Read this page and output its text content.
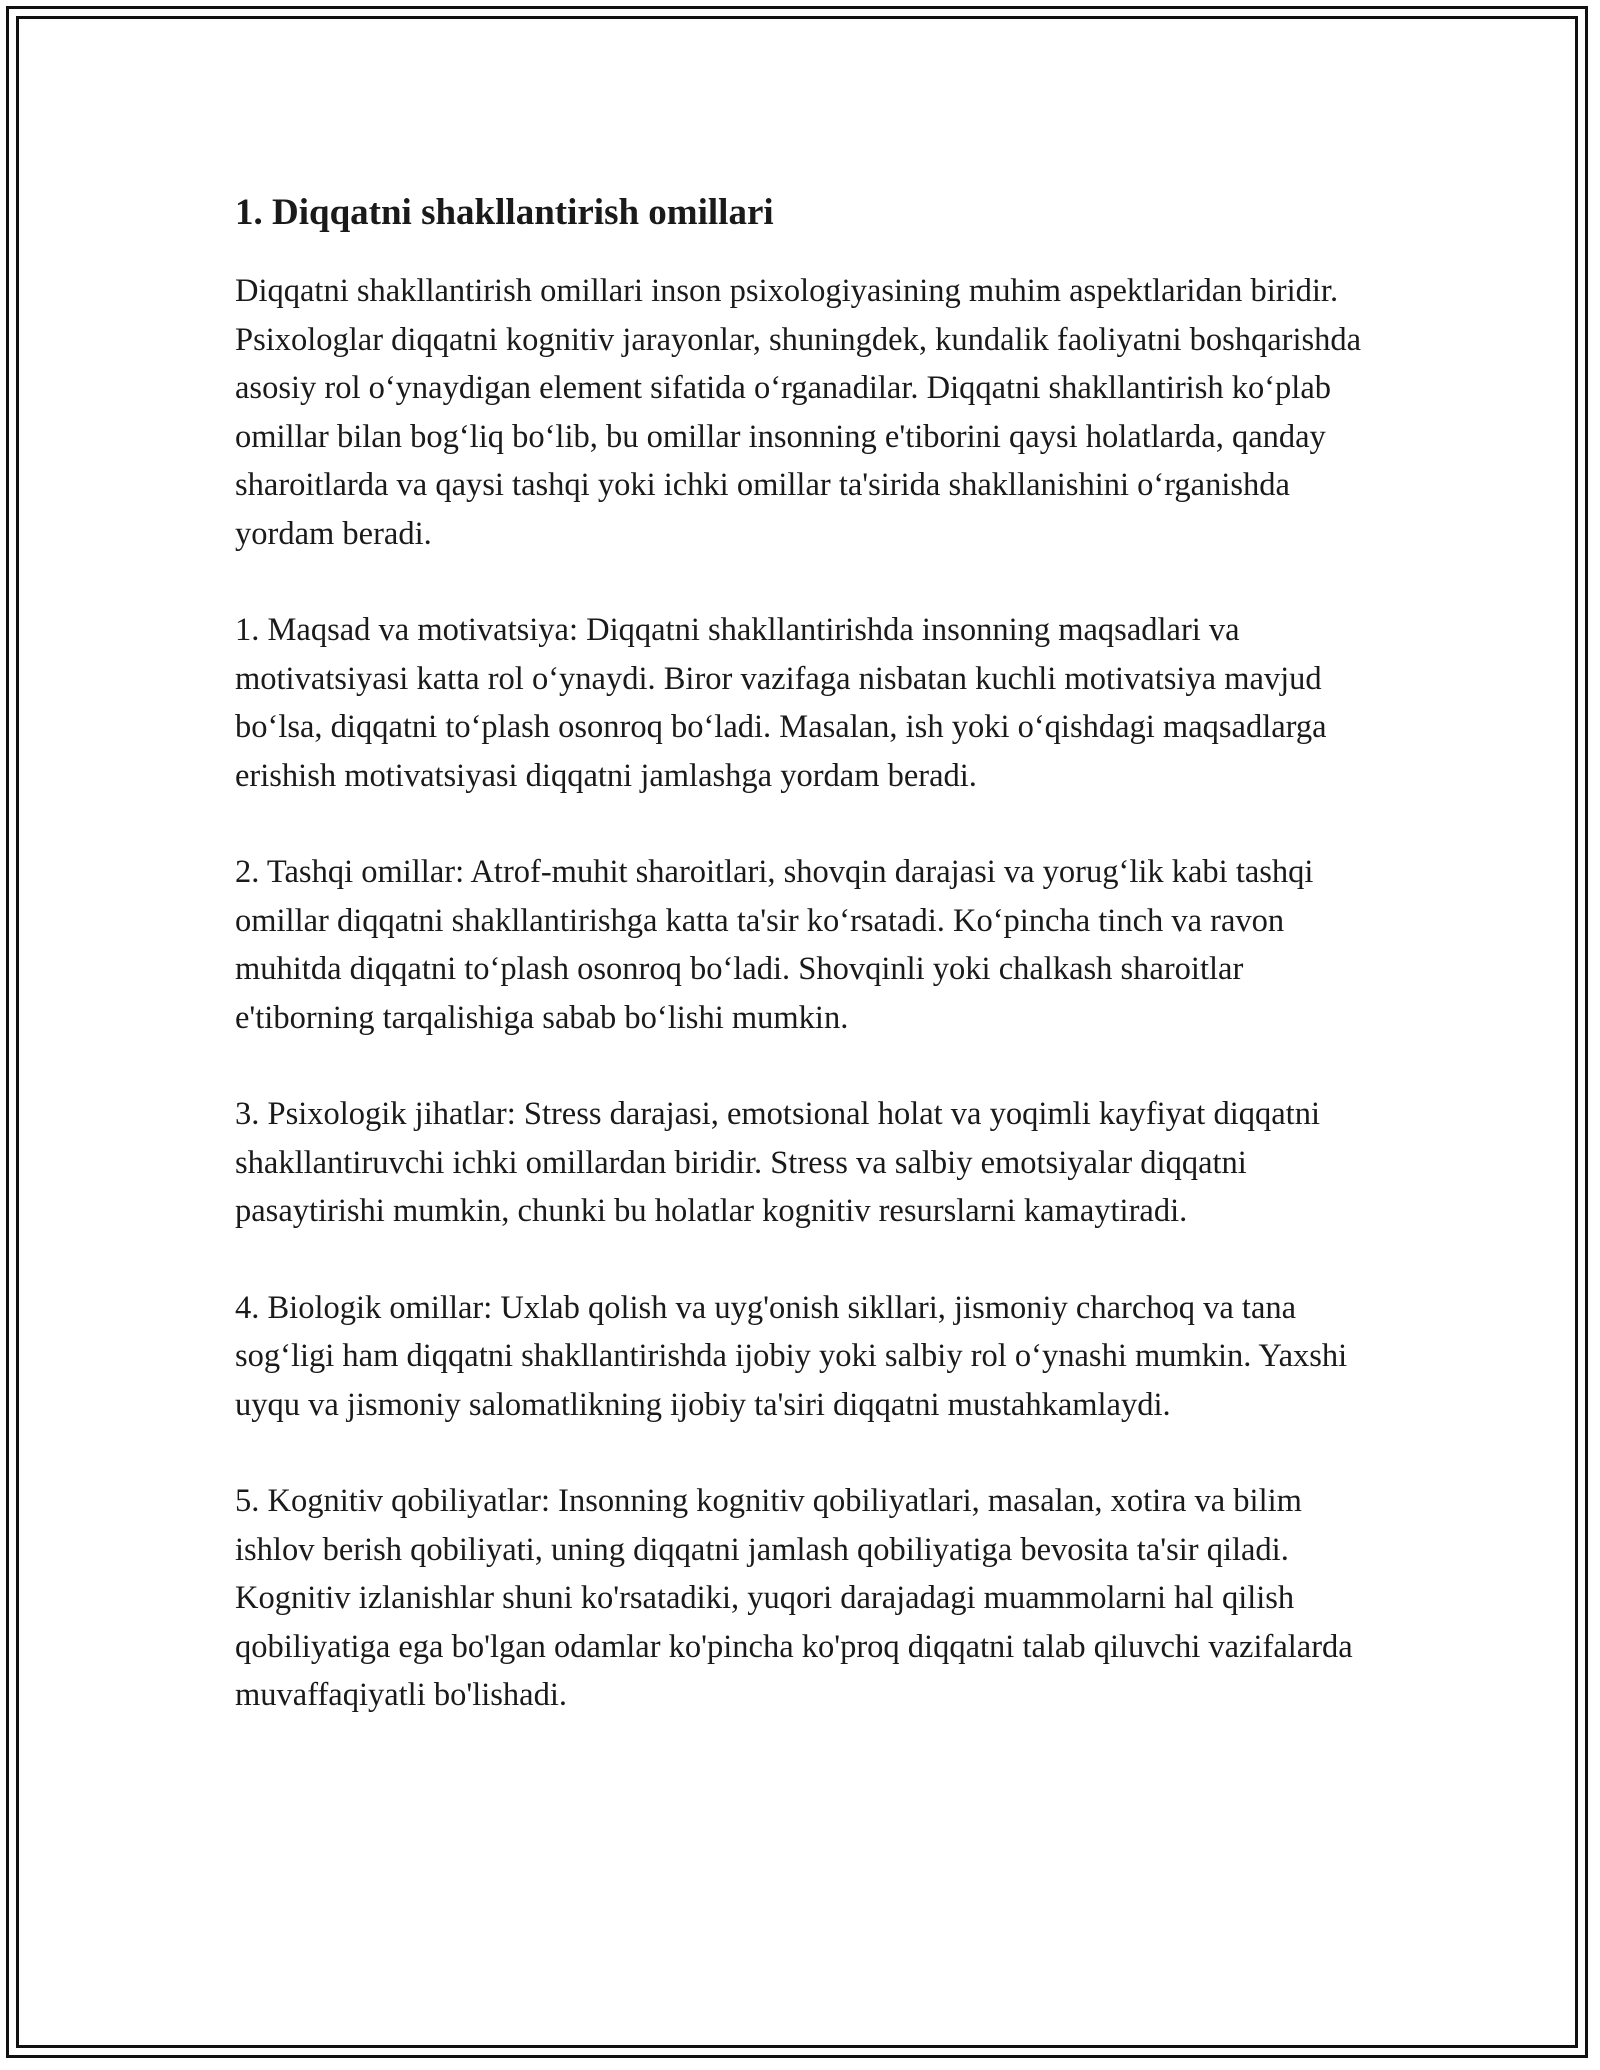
1. Diqqatni shakllantirish omillari

Diqqatni shakllantirish omillari inson psixologiyasining muhim aspektlaridan biridir. Psixologlar diqqatni kognitiv jarayonlar, shuningdek, kundalik faoliyatni boshqarishda asosiy rol oʻynaydigan element sifatida oʻrganadilar. Diqqatni shakllantirish koʻplab omillar bilan bogʻliq boʻlib, bu omillar insonning e'tiborini qaysi holatlarda, qanday sharoitlarda va qaysi tashqi yoki ichki omillar ta'sirida shakllanishini oʻrganishda yordam beradi.

1. Maqsad va motivatsiya: Diqqatni shakllantirishda insonning maqsadlari va motivatsiyasi katta rol oʻynaydi. Biror vazifaga nisbatan kuchli motivatsiya mavjud boʻlsa, diqqatni toʻplash osonroq boʻladi. Masalan, ish yoki oʻqishdagi maqsadlarga erishish motivatsiyasi diqqatni jamlashga yordam beradi.

2. Tashqi omillar: Atrof-muhit sharoitlari, shovqin darajasi va yorugʻlik kabi tashqi omillar diqqatni shakllantirishga katta ta'sir koʻrsatadi. Koʻpincha tinch va ravon muhitda diqqatni toʻplash osonroq boʻladi. Shovqinli yoki chalkash sharoitlar e'tiborning tarqalishiga sabab boʻlishi mumkin.

3. Psixologik jihatlar: Stress darajasi, emotsional holat va yoqimli kayfiyat diqqatni shakllantiruvchi ichki omillardan biridir. Stress va salbiy emotsiyalar diqqatni pasaytirishi mumkin, chunki bu holatlar kognitiv resurslarni kamaytiradi.

4. Biologik omillar: Uxlab qolish va uyg'onish sikllari, jismoniy charchoq va tana sogʻligi ham diqqatni shakllantirishda ijobiy yoki salbiy rol oʻynashi mumkin. Yaxshi uyqu va jismoniy salomatlikning ijobiy ta'siri diqqatni mustahkamlaydi.

5. Kognitiv qobiliyatlar: Insonning kognitiv qobiliyatlari, masalan, xotira va bilim ishlov berish qobiliyati, uning diqqatni jamlash qobiliyatiga bevosita ta'sir qiladi. Kognitiv izlanishlar shuni ko'rsatadiki, yuqori darajadagi muammolarni hal qilish qobiliyatiga ega bo'lgan odamlar ko'pincha ko'proq diqqatni talab qiluvchi vazifalarda muvaffaqiyatli bo'lishadi.
